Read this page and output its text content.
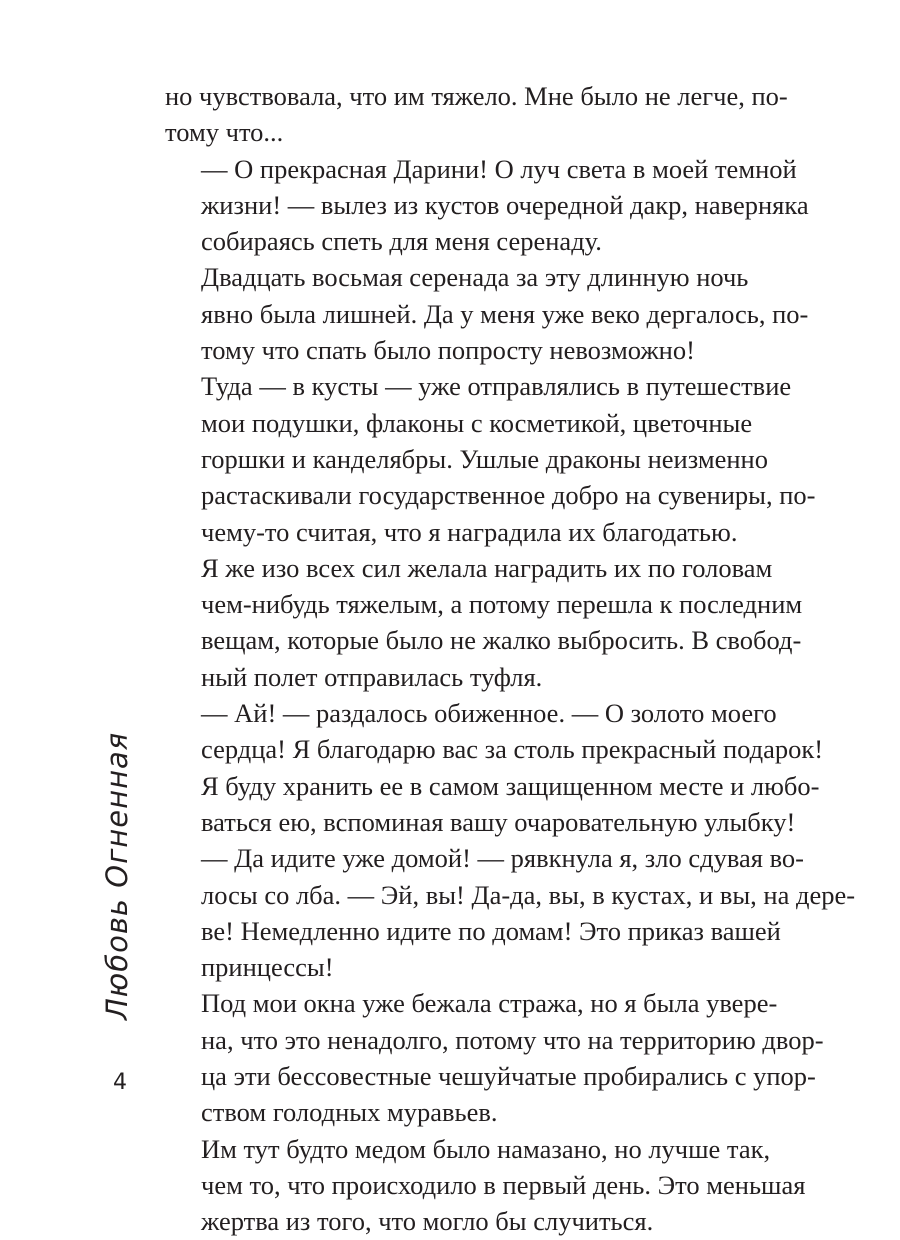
но чувствовала, что им тяжело. Мне было не легче, по-
тому что...

— О прекрасная Дарини! О луч света в моей темной
жизни! — вылез из кустов очередной дакр, наверняка
собираясь спеть для меня серенаду.

Двадцать восьмая серенада за эту длинную ночь
явно была лишней. Да у меня уже веко дергалось, по-
тому что спать было попросту невозможно!

Туда — в кусты — уже отправлялись в путешествие
мои подушки, флаконы с косметикой, цветочные
горшки и канделябры. Ушлые драконы неизменно
растаскивали государственное добро на сувениры, по-
чему-то считая, что я наградила их благодатью.

Я же изо всех сил желала наградить их по головам
чем-нибудь тяжелым, а потому перешла к последним
вещам, которые было не жалко выбросить. В свобод-
ный полет отправилась туфля.

— Ай! — раздалось обиженное. — О золото моего
сердца! Я благодарю вас за столь прекрасный подарок!
Я буду хранить ее в самом защищенном месте и любо-
ваться ею, вспоминая вашу очаровательную улыбку!

— Да идите уже домой! — рявкнула я, зло сдувая во-
лосы со лба. — Эй, вы! Да-да, вы, в кустах, и вы, на дере-
ве! Немедленно идите по домам! Это приказ вашей
принцессы!

Под мои окна уже бежала стража, но я была увере-
на, что это ненадолго, потому что на территорию двор-
ца эти бессовестные чешуйчатые пробирались с упор-
ством голодных муравьев.

Им тут будто медом было намазано, но лучше так,
чем то, что происходило в первый день. Это меньшая
жертва из того, что могло бы случиться.

Любовь Огненная
4
